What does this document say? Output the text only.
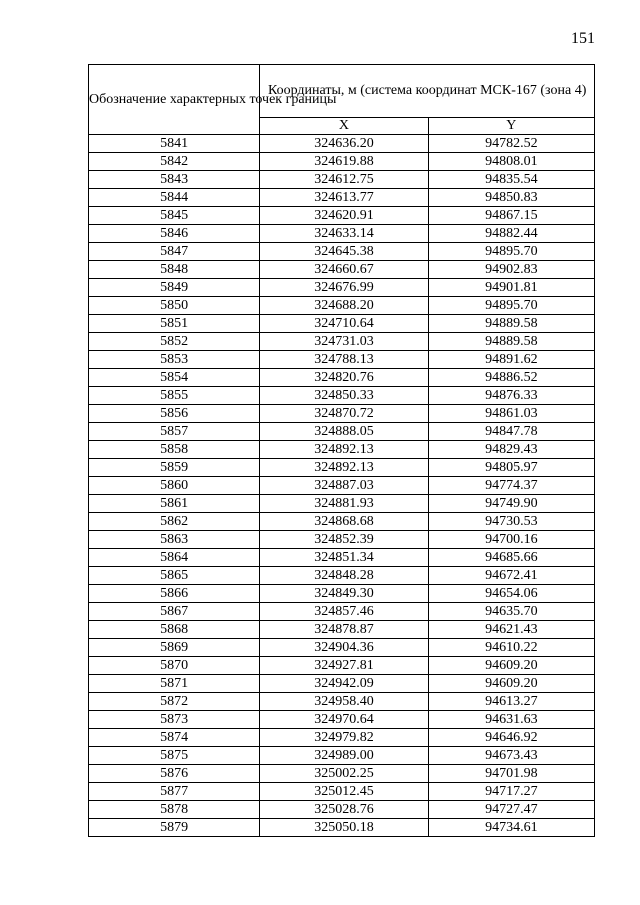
151
Обозначение характерных точек границы	Координаты, м (система координат МСК-167 (зона 4)	
	X	Y
5841	324636.20	94782.52
5842	324619.88	94808.01
5843	324612.75	94835.54
5844	324613.77	94850.83
5845	324620.91	94867.15
5846	324633.14	94882.44
5847	324645.38	94895.70
5848	324660.67	94902.83
5849	324676.99	94901.81
5850	324688.20	94895.70
5851	324710.64	94889.58
5852	324731.03	94889.58
5853	324788.13	94891.62
5854	324820.76	94886.52
5855	324850.33	94876.33
5856	324870.72	94861.03
5857	324888.05	94847.78
5858	324892.13	94829.43
5859	324892.13	94805.97
5860	324887.03	94774.37
5861	324881.93	94749.90
5862	324868.68	94730.53
5863	324852.39	94700.16
5864	324851.34	94685.66
5865	324848.28	94672.41
5866	324849.30	94654.06
5867	324857.46	94635.70
5868	324878.87	94621.43
5869	324904.36	94610.22
5870	324927.81	94609.20
5871	324942.09	94609.20
5872	324958.40	94613.27
5873	324970.64	94631.63
5874	324979.82	94646.92
5875	324989.00	94673.43
5876	325002.25	94701.98
5877	325012.45	94717.27
5878	325028.76	94727.47
5879	325050.18	94734.61
